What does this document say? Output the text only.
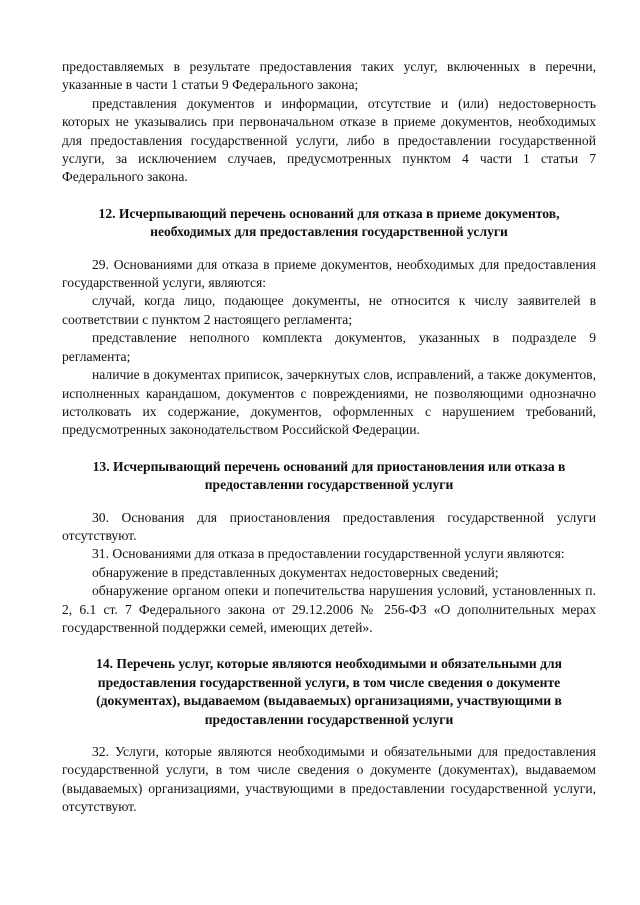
предоставляемых в результате предоставления таких услуг, включенных в перечни, указанные в части 1 статьи 9 Федерального закона;

представления документов и информации, отсутствие и (или) недостоверность которых не указывались при первоначальном отказе в приеме документов, необходимых для предоставления государственной услуги, либо в предоставлении государственной услуги, за исключением случаев, предусмотренных пунктом 4 части 1 статьи 7 Федерального закона.

12. Исчерпывающий перечень оснований для отказа в приеме документов, необходимых для предоставления государственной услуги

29. Основаниями для отказа в приеме документов, необходимых для предоставления государственной услуги, являются:

случай, когда лицо, подающее документы, не относится к числу заявителей в соответствии с пунктом 2 настоящего регламента;

представление неполного комплекта документов, указанных в подразделе 9 регламента;

наличие в документах приписок, зачеркнутых слов, исправлений, а также документов, исполненных карандашом, документов с повреждениями, не позволяющими однозначно истолковать их содержание, документов, оформленных с нарушением требований, предусмотренных законодательством Российской Федерации.

13. Исчерпывающий перечень оснований для приостановления или отказа в предоставлении государственной услуги

30. Основания для приостановления предоставления государственной услуги отсутствуют.

31. Основаниями для отказа в предоставлении государственной услуги являются:

обнаружение в представленных документах недостоверных сведений;

обнаружение органом опеки и попечительства нарушения условий, установленных п. 2, 6.1 ст. 7 Федерального закона от 29.12.2006 № 256-ФЗ «О дополнительных мерах государственной поддержки семей, имеющих детей».

14. Перечень услуг, которые являются необходимыми и обязательными для предоставления государственной услуги, в том числе сведения о документе (документах), выдаваемом (выдаваемых) организациями, участвующими в предоставлении государственной услуги

32. Услуги, которые являются необходимыми и обязательными для предоставления государственной услуги, в том числе сведения о документе (документах), выдаваемом (выдаваемых) организациями, участвующими в предоставлении государственной услуги, отсутствуют.
